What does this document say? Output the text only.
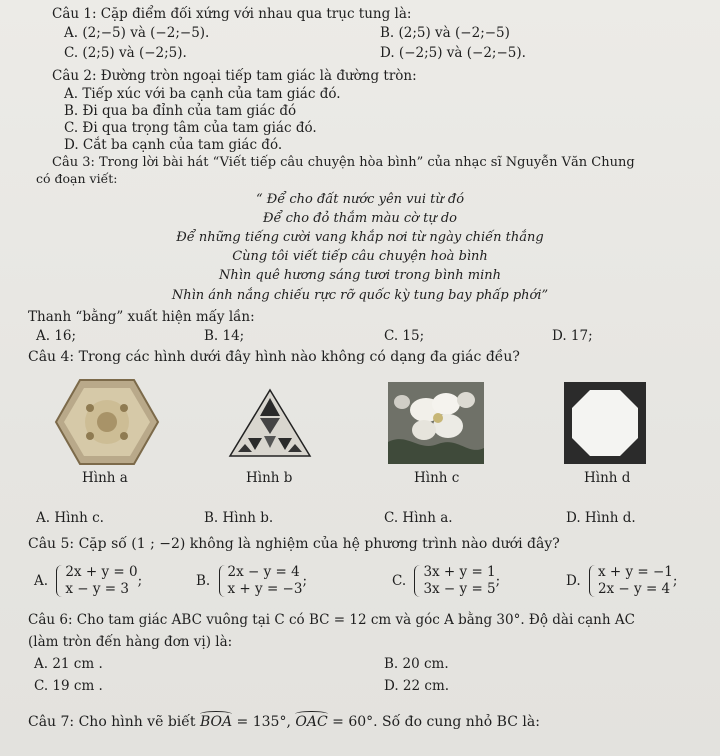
Câu 1: Cặp điểm đối xứng với nhau qua trục tung là:
A. (2;−5) và (−2;−5).	B. (2;5) và (−2;−5)
C. (2;5) và (−2;5).	D. (−2;5) và (−2;−5).
Câu 2: Đường tròn ngoại tiếp tam giác là đường tròn:
A. Tiếp xúc với ba cạnh của tam giác đó.
B. Đi qua ba đỉnh của tam giác đó
C. Đi qua trọng tâm của tam giác đó.
D. Cắt ba cạnh của tam giác đó.
Câu 3: Trong lời bài hát “Viết tiếp câu chuyện hòa bình” của nhạc sĩ Nguyễn Văn Chung
có đoạn viết:
“ Để cho đất nước yên vui từ đó
Để cho đỏ thắm màu cờ tự do
Để những tiếng cười vang khắp nơi từ ngày chiến thắng
Cùng tôi viết tiếp câu chuyện hoà bình
Nhìn quê hương sáng tươi trong bình minh
Nhìn ánh nắng chiếu rực rỡ quốc kỳ tung bay phấp phới”
Thanh “bằng” xuất hiện mấy lần:
A. 16;	B. 14;	C. 15;	D. 17;
Câu 4: Trong các hình dưới đây hình nào không có dạng đa giác đều?
Hình a	Hình b	Hình c	Hình d
A. Hình c.	B. Hình b.	C. Hình a.	D. Hình d.
Câu 5: Cặp số (1 ; −2) không là nghiệm của hệ phương trình nào dưới đây?
A.
2x + y = 0
x − y = 3 ;	B.
2x − y = 4
x + y = −3 ;	C.
3x + y = 1
3x − y = 5 ;	D.
x + y = −1
2x − y = 4 ;
Câu 6: Cho tam giác ABC vuông tại C có BC = 12 cm và góc A bằng 30°. Độ dài cạnh AC
(làm tròn đến hàng đơn vị) là:
A. 21 cm .	B. 20 cm.
C. 19 cm .	D. 22 cm.
Câu 7: Cho hình vẽ biết BOA = 135°, OAC = 60°. Số đo cung nhỏ BC là:
